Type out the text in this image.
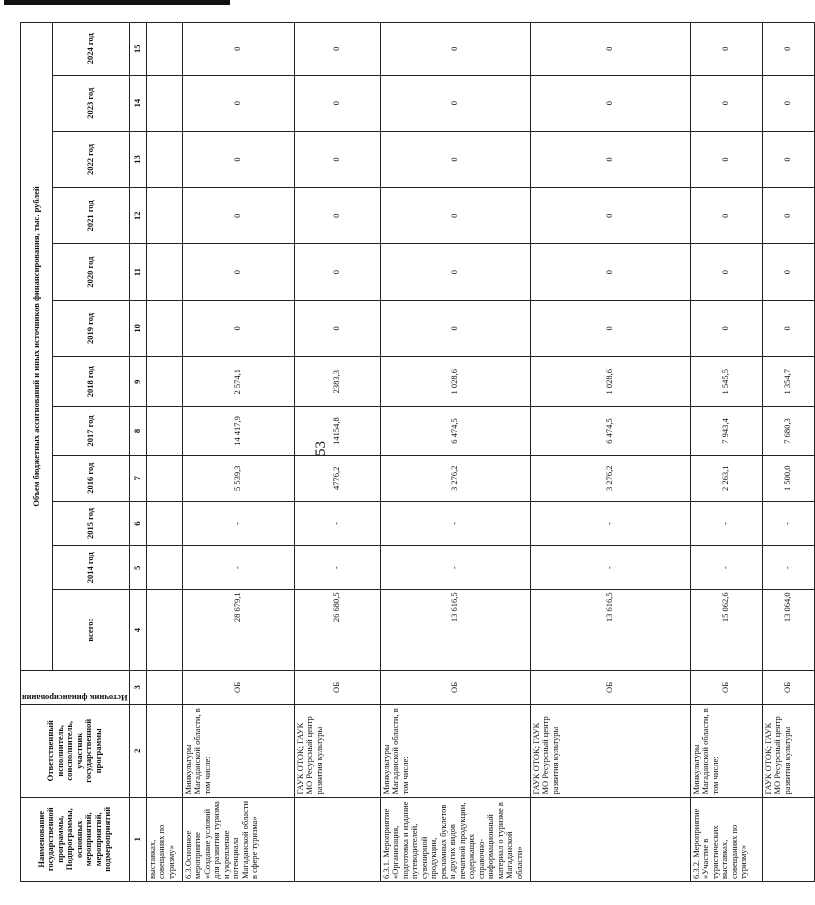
53
Наименование государственной программы, Подпрограммы, основных мероприятий, мероприятий, подмероприятий	Ответственный исполнитель, соисполнитель, участник государственной программы	Источник финансирования	Объем бюджетных ассигнований и иных источников финансирования, тыс. рублей											
			всего:	2014 год	2015 год	2016 год	2017 год	2018 год	2019 год	2020 год	2021 год	2022 год	2023 год	2024 год
1	2	3	4	5	6	7	8	9	10	11	12	13	14	15
выставках, совещаниях по туризму»														
6.3.Основное мероприятие «Создание условий для развития туризма и укрепление потенциала Магаданской области в сфере туризма»	Минкультуры Магаданской области, в том числе:	ОБ	28 679,1	-	-	5 539,3	14 417,9	2 574,1	0	0	0	0	0	0
	ГАУК ОТОК; ГАУК МО Ресурсный центр развития культуры	ОБ	26 680,5	-	-	4776,2	14154,8	2383,3	0	0	0	0	0	0
6.3.1. Мероприятие «Организация, подготовка и издание путеводителей, сувенирной продукции, рекламных буклетов и других видов печатной продукции, содержащих справочно-информационный материал о туризме в Магаданской области»	Минкультуры Магаданской области, в том числе:	ОБ	13 616,5	-	-	3 276,2	6 474,5	1 028,6	0	0	0	0	0	0
	ГАУК ОТОК; ГАУК МО Ресурсный центр развития культуры	ОБ	13 616,5	-	-	3 276,2	6 474,5	1 028,6	0	0	0	0	0	0
6.3.2. Мероприятие «Участие в туристических выставках, совещаниях по туризму»	Минкультуры Магаданской области, в том числе:	ОБ	15 062,6	-	-	2 263,1	7 943,4	1 545,5	0	0	0	0	0	0
	ГАУК ОТОК; ГАУК МО Ресурсный центр развития культуры	ОБ	13 064,0	-	-	1 500,0	7 680,3	1 354,7	0	0	0	0	0	0
